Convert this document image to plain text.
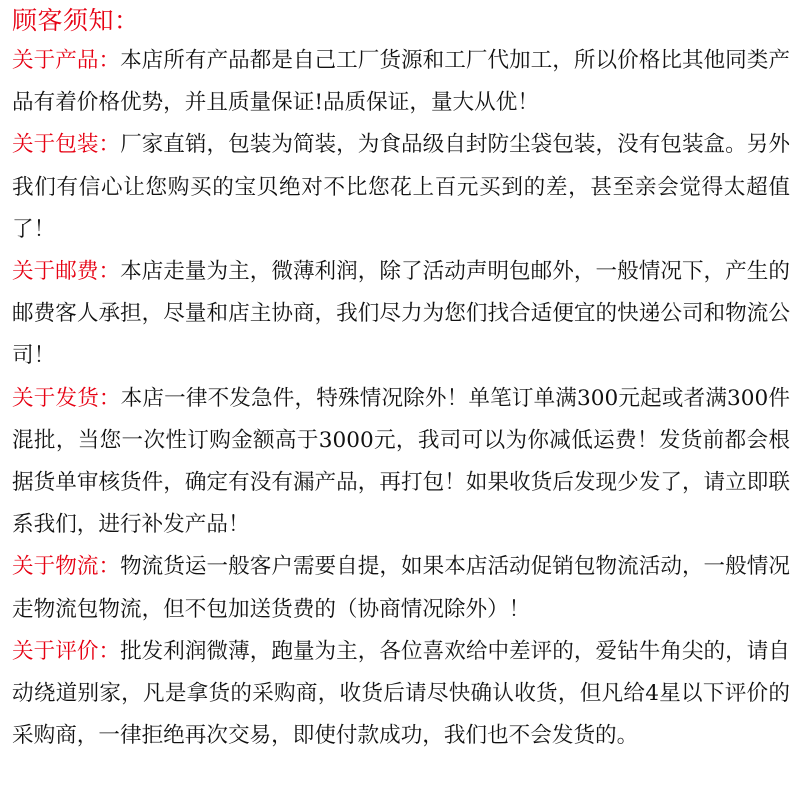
顾客须知：

关于产品：本店所有产品都是自己工厂货源和工厂代加工，所以价格比其他同类产品有着价格优势，并且质量保证!品质保证，量大从优！

关于包装：厂家直销，包装为简装，为食品级自封防尘袋包装，没有包装盒。另外我们有信心让您购买的宝贝绝对不比您花上百元买到的差，甚至亲会觉得太超值了！

关于邮费：本店走量为主，微薄利润，除了活动声明包邮外，一般情况下，产生的邮费客人承担，尽量和店主协商，我们尽力为您们找合适便宜的快递公司和物流公司！

关于发货：本店一律不发急件，特殊情况除外！单笔订单满300元起或者满300件混批，当您一次性订购金额高于3000元，我司可以为你减低运费！发货前都会根据货单审核货件，确定有没有漏产品，再打包！如果收货后发现少发了，请立即联系我们，进行补发产品！

关于物流：物流货运一般客户需要自提，如果本店活动促销包物流活动，一般情况走物流包物流，但不包加送货费的（协商情况除外）！

关于评价：批发利润微薄，跑量为主，各位喜欢给中差评的，爱钻牛角尖的，请自动绕道别家，凡是拿货的采购商，收货后请尽快确认收货，但凡给4星以下评价的采购商，一律拒绝再次交易，即使付款成功，我们也不会发货的。
